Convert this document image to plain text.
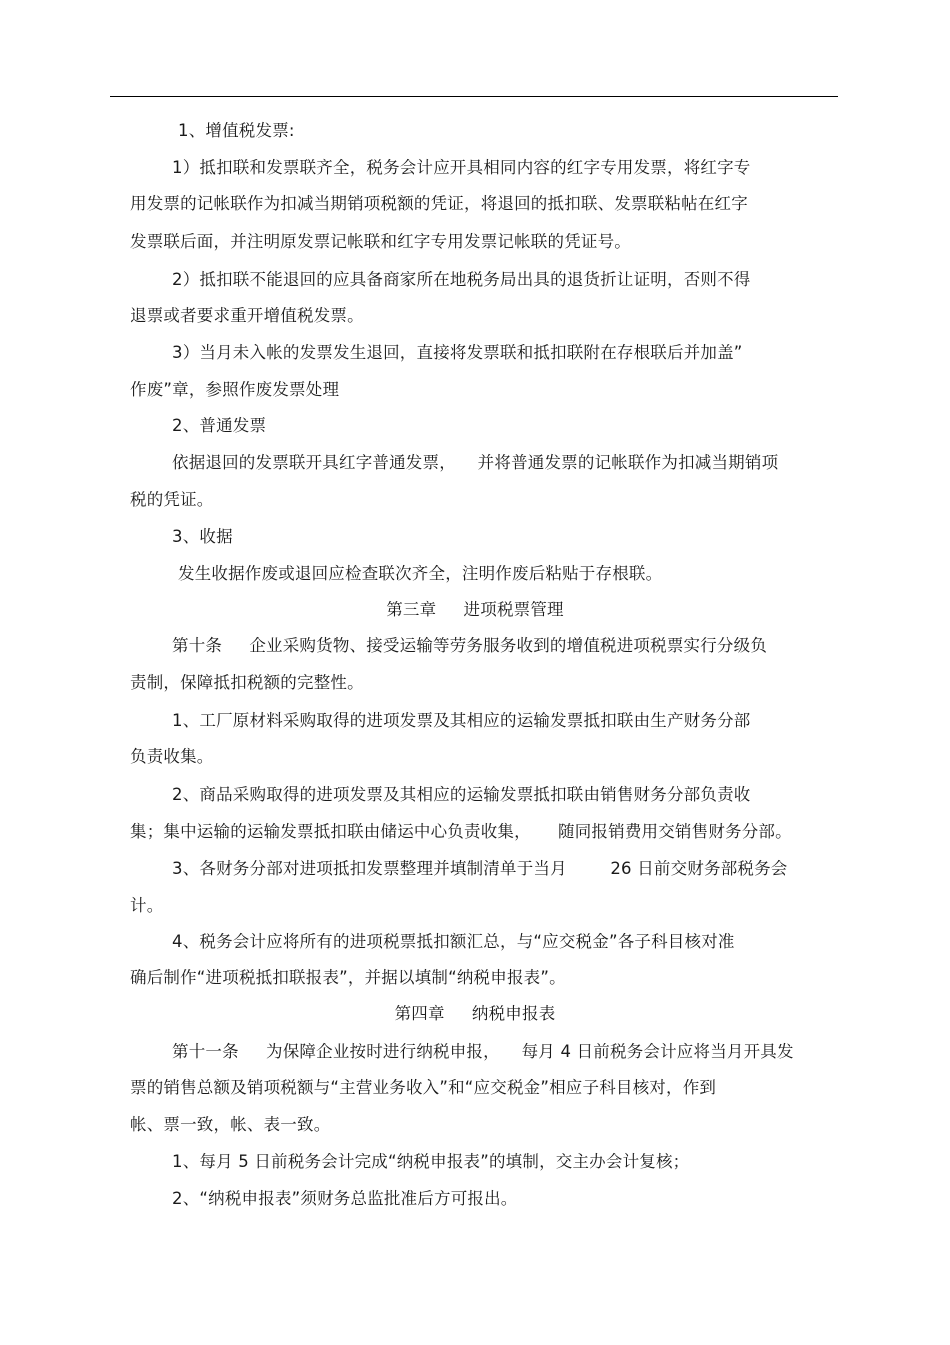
1、增值税发票:
1）抵扣联和发票联齐全，税务会计应开具相同内容的红字专用发票，将红字专
用发票的记帐联作为扣减当期销项税额的凭证，将退回的抵扣联、发票联粘帖在红字
发票联后面，并注明原发票记帐联和红字专用发票记帐联的凭证号。
2）抵扣联不能退回的应具备商家所在地税务局出具的退货折让证明，否则不得
退票或者要求重开增值税发票。
3）当月未入帐的发票发生退回，直接将发票联和抵扣联附在存根联后并加盖”
作废”章，参照作废发票处理
2、普通发票
依据退回的发票联开具红字普通发票，    并将普通发票的记帐联作为扣减当期销项
税的凭证。
3、收据
发生收据作废或退回应检查联次齐全，注明作废后粘贴于存根联。
第三章     进项税票管理
第十条     企业采购货物、接受运输等劳务服务收到的增值税进项税票实行分级负
责制，保障抵扣税额的完整性。
1、工厂原材料采购取得的进项发票及其相应的运输发票抵扣联由生产财务分部
负责收集。
2、商品采购取得的进项发票及其相应的运输发票抵扣联由销售财务分部负责收
集；集中运输的运输发票抵扣联由储运中心负责收集，     随同报销费用交销售财务分部。
3、各财务分部对进项抵扣发票整理并填制清单于当月        26 日前交财务部税务会
计。
4、税务会计应将所有的进项税票抵扣额汇总，与“应交税金”各子科目核对准
确后制作“进项税抵扣联报表”，并据以填制“纳税申报表”。
第四章     纳税申报表
第十一条     为保障企业按时进行纳税申报，    每月 4 日前税务会计应将当月开具发
票的销售总额及销项税额与“主营业务收入”和“应交税金”相应子科目核对，作到
帐、票一致，帐、表一致。
1、每月 5 日前税务会计完成“纳税申报表”的填制，交主办会计复核；
2、“纳税申报表”须财务总监批准后方可报出。
